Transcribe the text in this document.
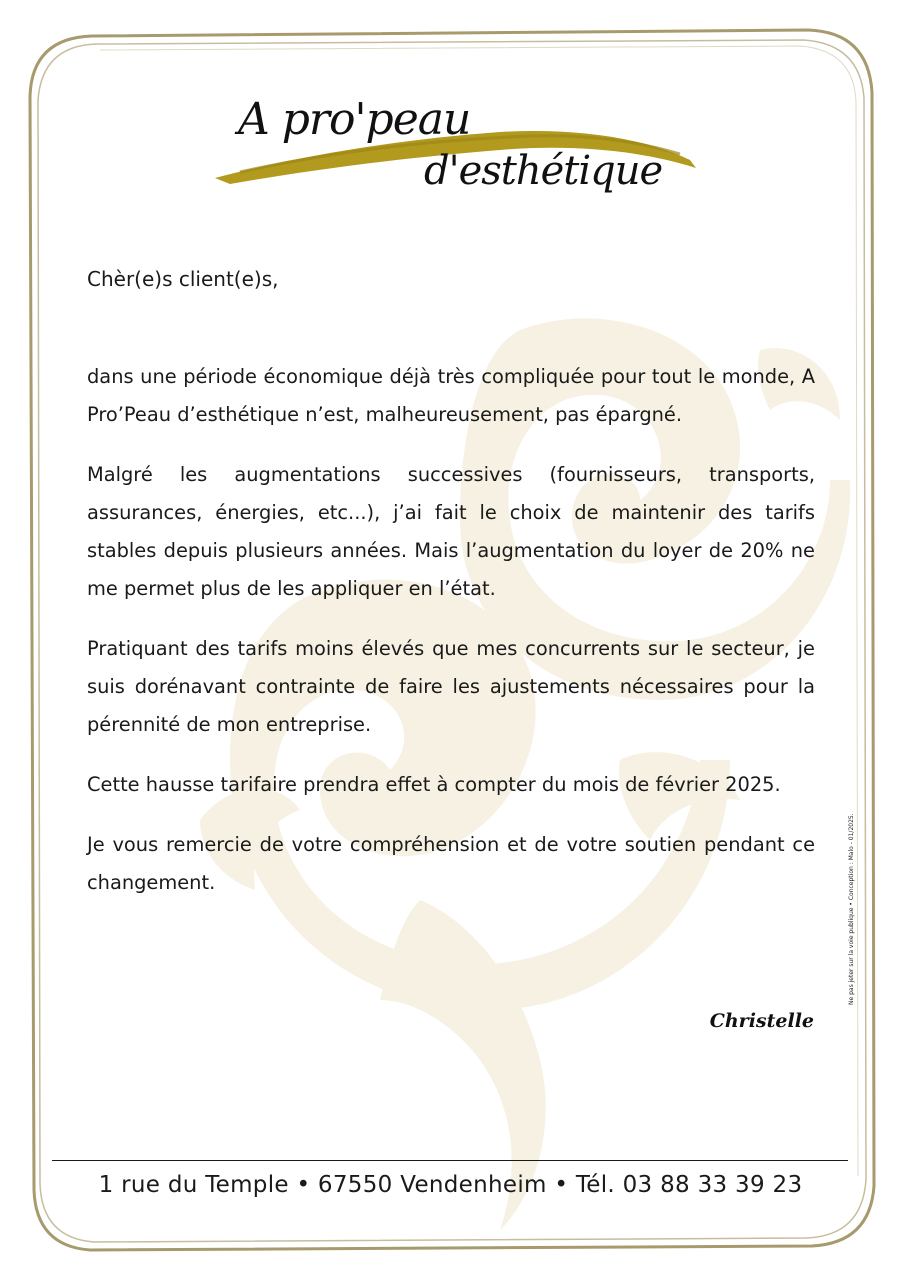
A pro'peau
d'esthétique

Chèr(e)s client(e)s,

dans une période économique déjà très compliquée pour tout le monde, A Pro’Peau d’esthétique n’est, malheureusement, pas épargné.

Malgré les augmentations successives (fournisseurs, transports, assurances, énergies, etc...), j’ai fait le choix de maintenir des tarifs stables depuis plusieurs années. Mais l’augmentation du loyer de 20% ne me permet plus de les appliquer en l’état.

Pratiquant des tarifs moins élevés que mes concurrents sur le secteur, je suis dorénavant contrainte de faire les ajustements nécessaires pour la pérennité de mon entreprise.

Cette hausse tarifaire prendra effet à compter du mois de février 2025.

Je vous remercie de votre compréhension et de votre soutien pendant ce changement.

Christelle
Ne pas jeter sur la voie publique • Conception : Malo - 01/2025.
1 rue du Temple • 67550 Vendenheim • Tél. 03 88 33 39 23
